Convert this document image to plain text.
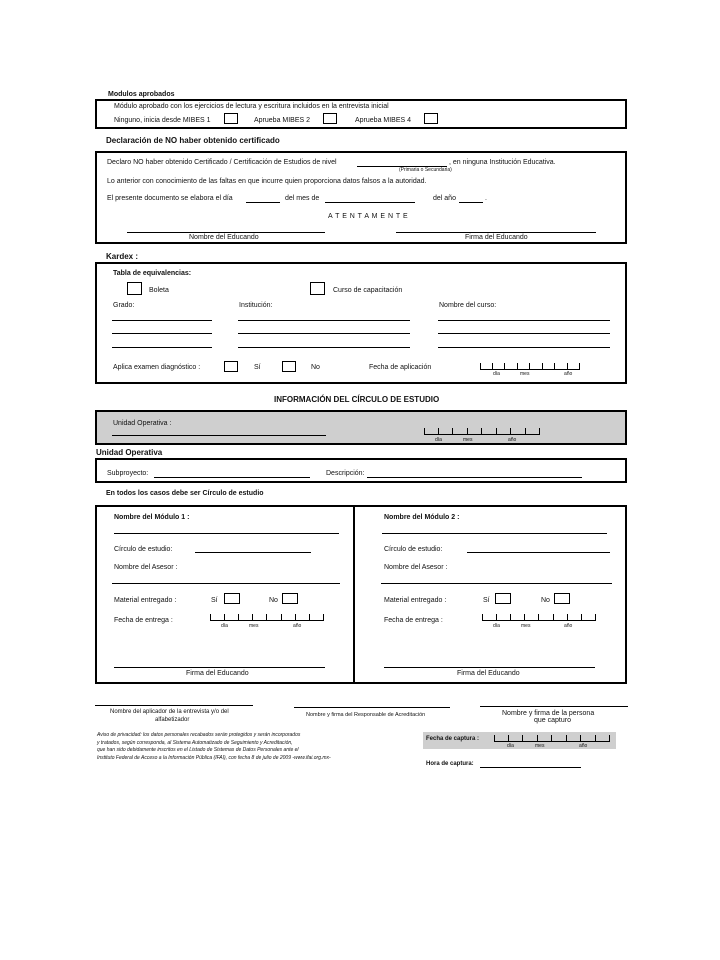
Modulos aprobados
Módulo aprobado con los ejercicios de lectura y escritura incluidos en la entrevista inicial
Ninguno, inicia desde MIBES 1	Aprueba MIBES 2	Aprueba MIBES 4
Declaración de NO haber obtenido certificado
Declaro NO haber obtenido Certificado / Certificación de Estudios de nivel	, en ninguna Institución Educativa.
(Primaria o Secundaria)
Lo anterior con conocimiento de las faltas en que incurre quien proporciona datos falsos a la autoridad.
El presente documento se elabora el día	del mes de	del año	.
A T E N T A M E N T E
Nombre del Educando	Firma del Educando
Kardex :
Tabla de equivalencias:
Boleta	Curso de capacitación
Grado:	Institución:	Nombre del curso:
Aplica examen diagnóstico :	Sí	No	Fecha de aplicación
día	mes	año
INFORMACIÓN DEL CÍRCULO DE ESTUDIO
Unidad Operativa :
día	mes	año
Unidad Operativa
Subproyecto:	Descripción:
En todos los casos debe ser Círculo de estudio
Nombre del Módulo 1 :
Círculo de estudio:
Nombre del Asesor :
Material entregado :	Sí	No
Fecha de entrega :
día	mes	año
Firma del Educando
Nombre del Módulo 2 :
Círculo de estudio:
Nombre del Asesor :
Material entregado :	Sí	No
Fecha de entrega :
día	mes	año
Firma del Educando
Nombre del aplicador de la entrevista y/o del
alfabetizador
Nombre y firma del Responsable de Acreditación	Nombre y firma de la persona
que capturo
Aviso de privacidad: los datos personales recabados serán protegidos y serán incorporados
y tratados, según corresponda, al Sistema Automatizado de Seguimiento y Acreditación,
que han sido debidamente inscritos en el Listado de Sistemas de Datos Personales ante el
Instituto Federal de Acceso a la Información Pública (IFAI), con fecha 8 de julio de 2009 -www.ifai.org.mx-
Fecha de captura :
día	mes	año
Hora de captura:
